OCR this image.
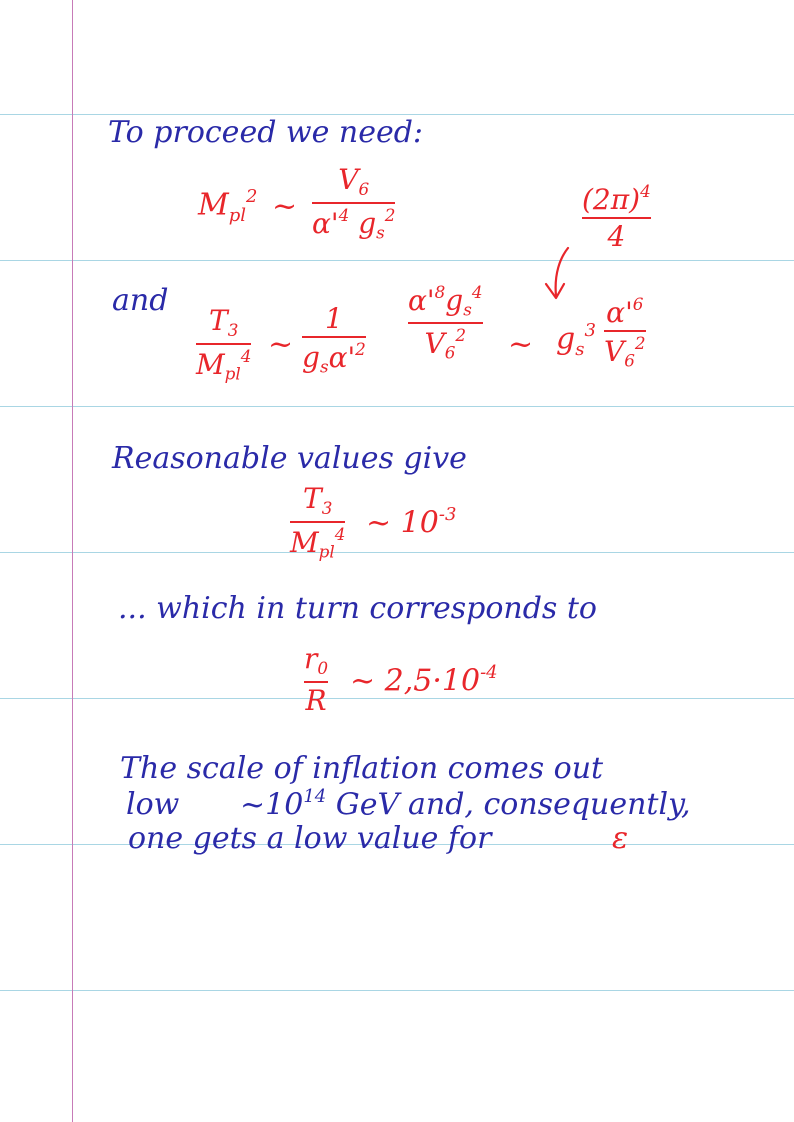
To proceed we need:
$M_{pl}^2$ ~
$V_6$
$\alpha'^4$ $g_s^2$	$(2\pi)^4$
4
and
$T_3$
$M_{pl}^4$ ~
1
$g_s\alpha'^2$
$\alpha'^8g_s^4$
$V_6^2$ ~ $g_s^3$
$\alpha'^6$
$V_6^2$
Reasonable values give
$T_3$
$M_{pl}^4$ ~ $10^{-3}$
... which in turn corresponds to
$r_0$
R
~ $2,5\cdot 10^{-4}$
The scale of inflation comes out
low $\sim 10^{14}$ GeV and, consequently,
one gets a low value for	ε
